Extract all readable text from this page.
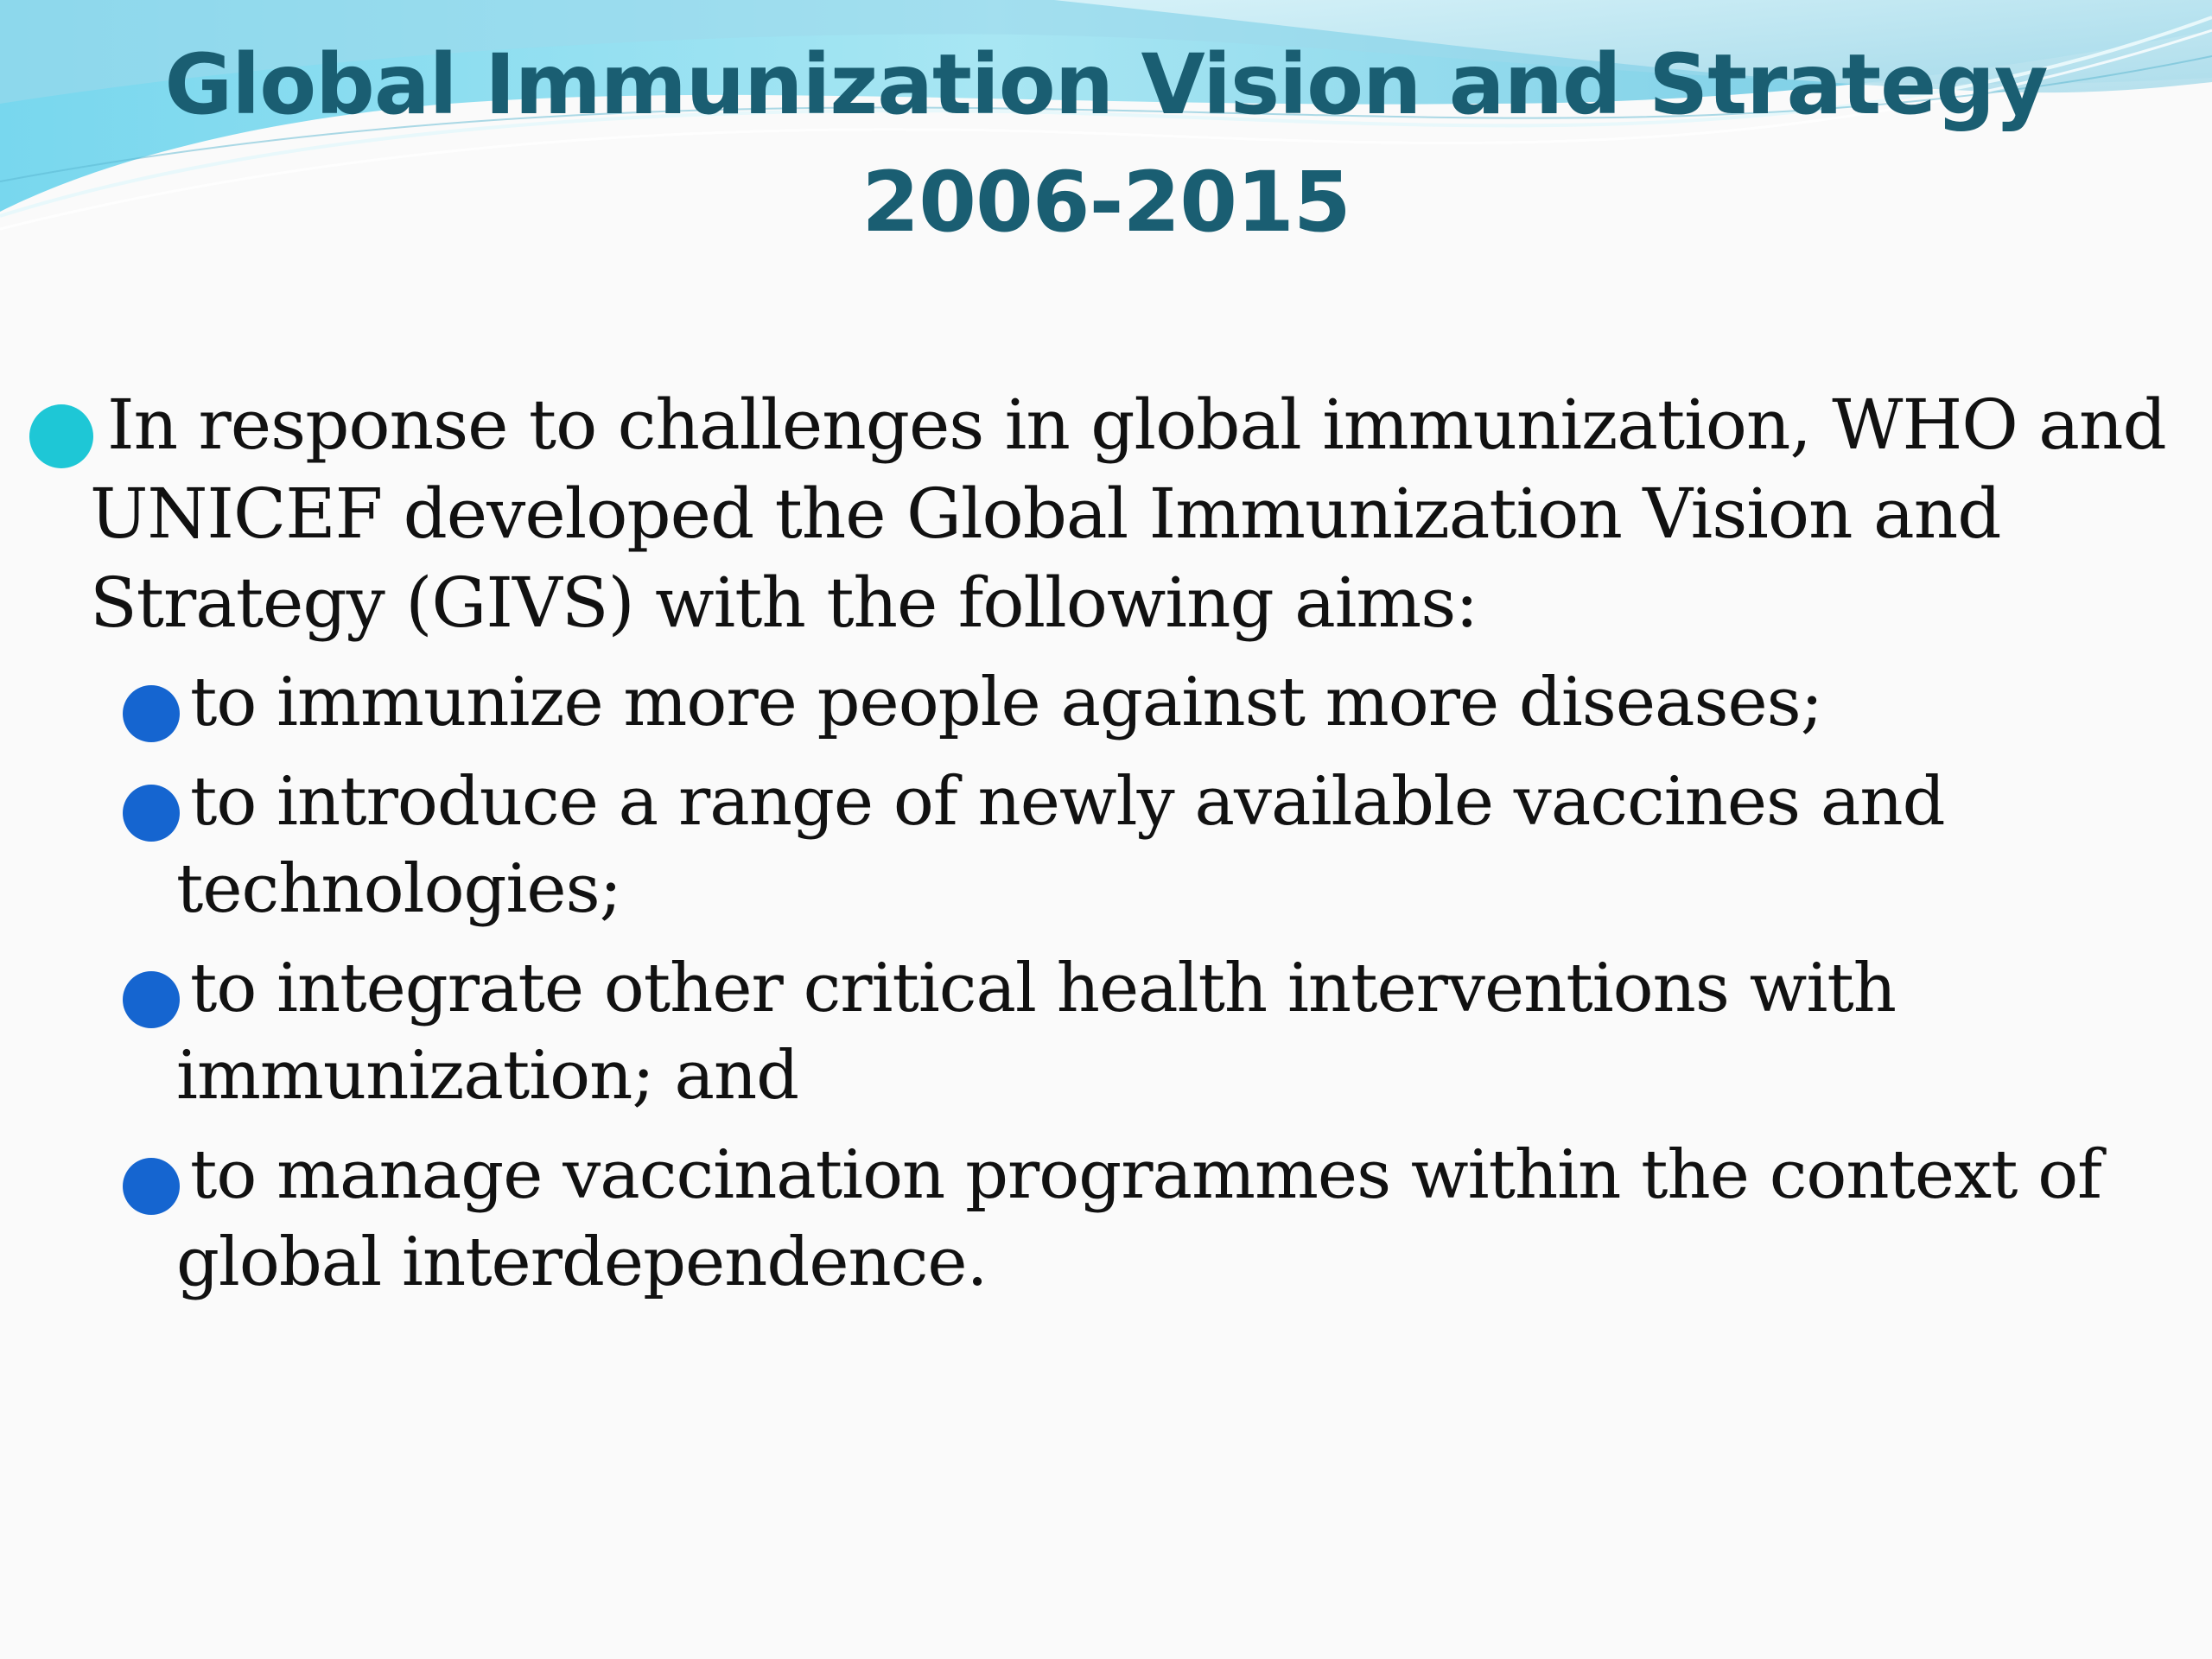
Global Immunization Vision and Strategy 2006-2015
In response to challenges in global immunization, WHO and UNICEF developed the Global Immunization Vision and Strategy (GIVS) with the following aims:
to immunize more people against more diseases;
to introduce a range of newly available vaccines and technologies;
to integrate other critical health interventions with immunization; and
to manage vaccination programmes within the context of global interdependence.
